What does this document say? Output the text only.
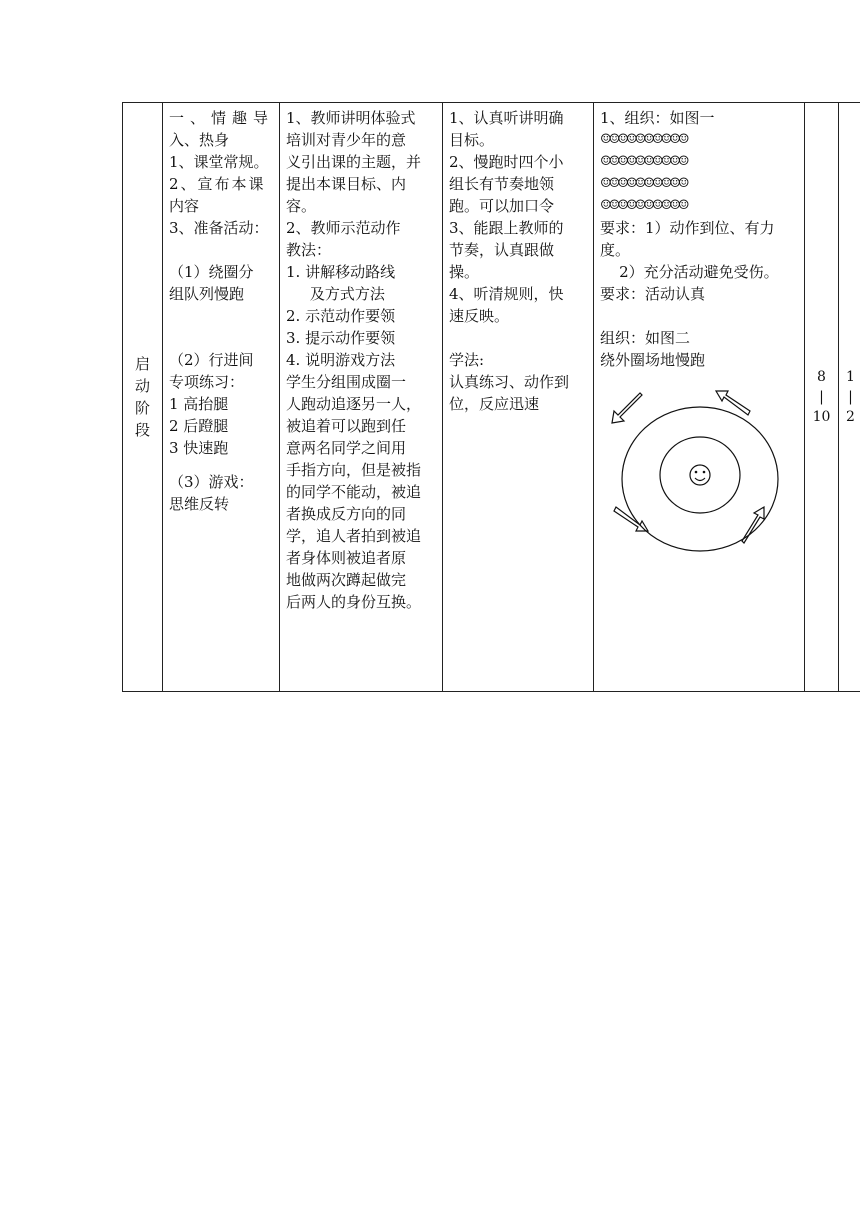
启
动
阶
段

一、情趣导
入、热身
1、课堂常规。
2、宣布本课
内容
3、准备活动：
（1）绕圈分
组队列慢跑
（2）行进间
专项练习：
1 高抬腿
2 后蹬腿
3 快速跑
（3）游戏：
思维反转

1、教师讲明体验式
培训对青少年的意
义引出课的主题，并
提出本课目标、内
容。
2、教师示范动作
教法：
1. 讲解移动路线
及方式方法
2. 示范动作要领
3. 提示动作要领
4. 说明游戏方法
学生分组围成圈一
人跑动追逐另一人，
被追着可以跑到任
意两名同学之间用
手指方向，但是被指
的同学不能动，被追
者换成反方向的同
学，追人者拍到被追
者身体则被追者原
地做两次蹲起做完
后两人的身份互换。

1、认真听讲明确
目标。
2、慢跑时四个小
组长有节奏地领
跑。可以加口令
3、能跟上教师的
节奏，认真跟做
操。
4、听清规则，快
速反映。
学法:
认真练习、动作到
位，反应迅速

1、组织：如图一
☺☺☺☺☺☺☺☺☺☺
☺☺☺☺☺☺☺☺☺☺
☺☺☺☺☺☺☺☺☺☺
☺☺☺☺☺☺☺☺☺☺
要求：1）动作到位、有力
度。
2）充分活动避免受伤。
要求：活动认真
组织：如图二
绕外圈场地慢跑

8
|
10

1
|
2
